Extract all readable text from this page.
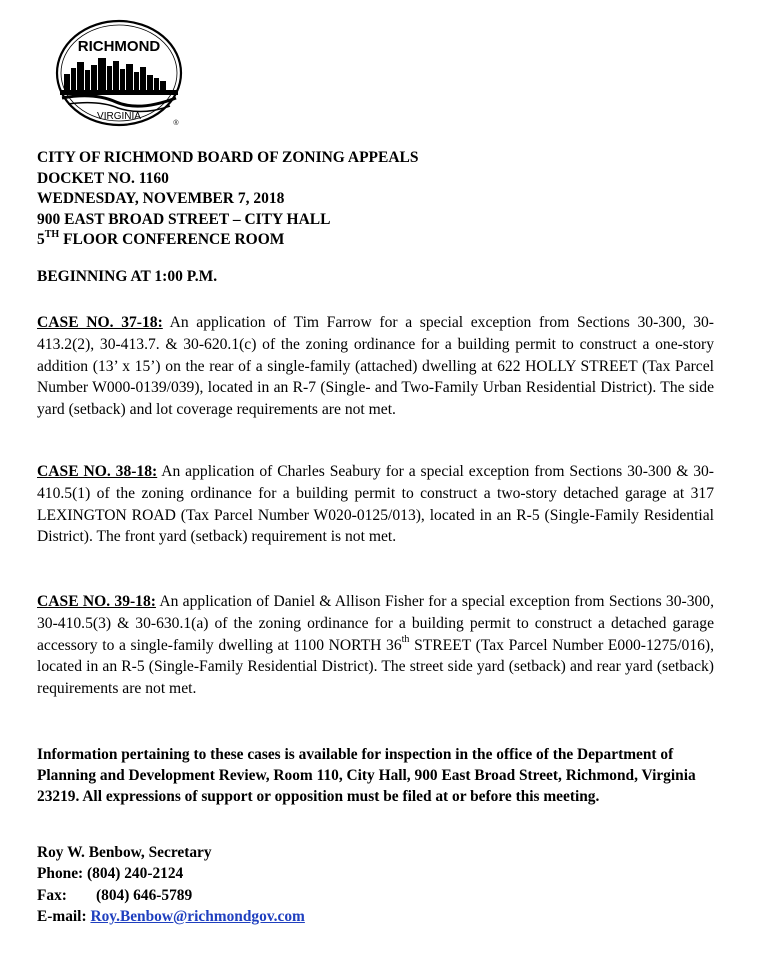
RICHMOND
VIRGINIA
®
CITY OF RICHMOND BOARD OF ZONING APPEALS
DOCKET NO. 1160
WEDNESDAY, NOVEMBER 7, 2018
900 EAST BROAD STREET – CITY HALL
5TH FLOOR CONFERENCE ROOM
BEGINNING AT 1:00 P.M.
CASE NO. 37-18: An application of Tim Farrow for a special exception from Sections 30-300, 30-413.2(2), 30-413.7. & 30-620.1(c) of the zoning ordinance for a building permit to construct a one-story addition (13’ x 15’) on the rear of a single-family (attached) dwelling at 622 HOLLY STREET (Tax Parcel Number W000-0139/039), located in an R-7 (Single- and Two-Family Urban Residential District). The side yard (setback) and lot coverage requirements are not met.
CASE NO. 38-18: An application of Charles Seabury for a special exception from Sections 30-300 & 30-410.5(1) of the zoning ordinance for a building permit to construct a two-story detached garage at 317 LEXINGTON ROAD (Tax Parcel Number W020-0125/013), located in an R-5 (Single-Family Residential District). The front yard (setback) requirement is not met.
CASE NO. 39-18: An application of Daniel & Allison Fisher for a special exception from Sections 30-300, 30-410.5(3) & 30-630.1(a) of the zoning ordinance for a building permit to construct a detached garage accessory to a single-family dwelling at 1100 NORTH 36th STREET (Tax Parcel Number E000-1275/016), located in an R-5 (Single-Family Residential District). The street side yard (setback) and rear yard (setback) requirements are not met.
Information pertaining to these cases is available for inspection in the office of the Department of Planning and Development Review, Room 110, City Hall, 900 East Broad Street, Richmond, Virginia 23219. All expressions of support or opposition must be filed at or before this meeting.
Roy W. Benbow, Secretary
Phone: (804) 240-2124
Fax: (804) 646-5789
E-mail: Roy.Benbow@richmondgov.com
